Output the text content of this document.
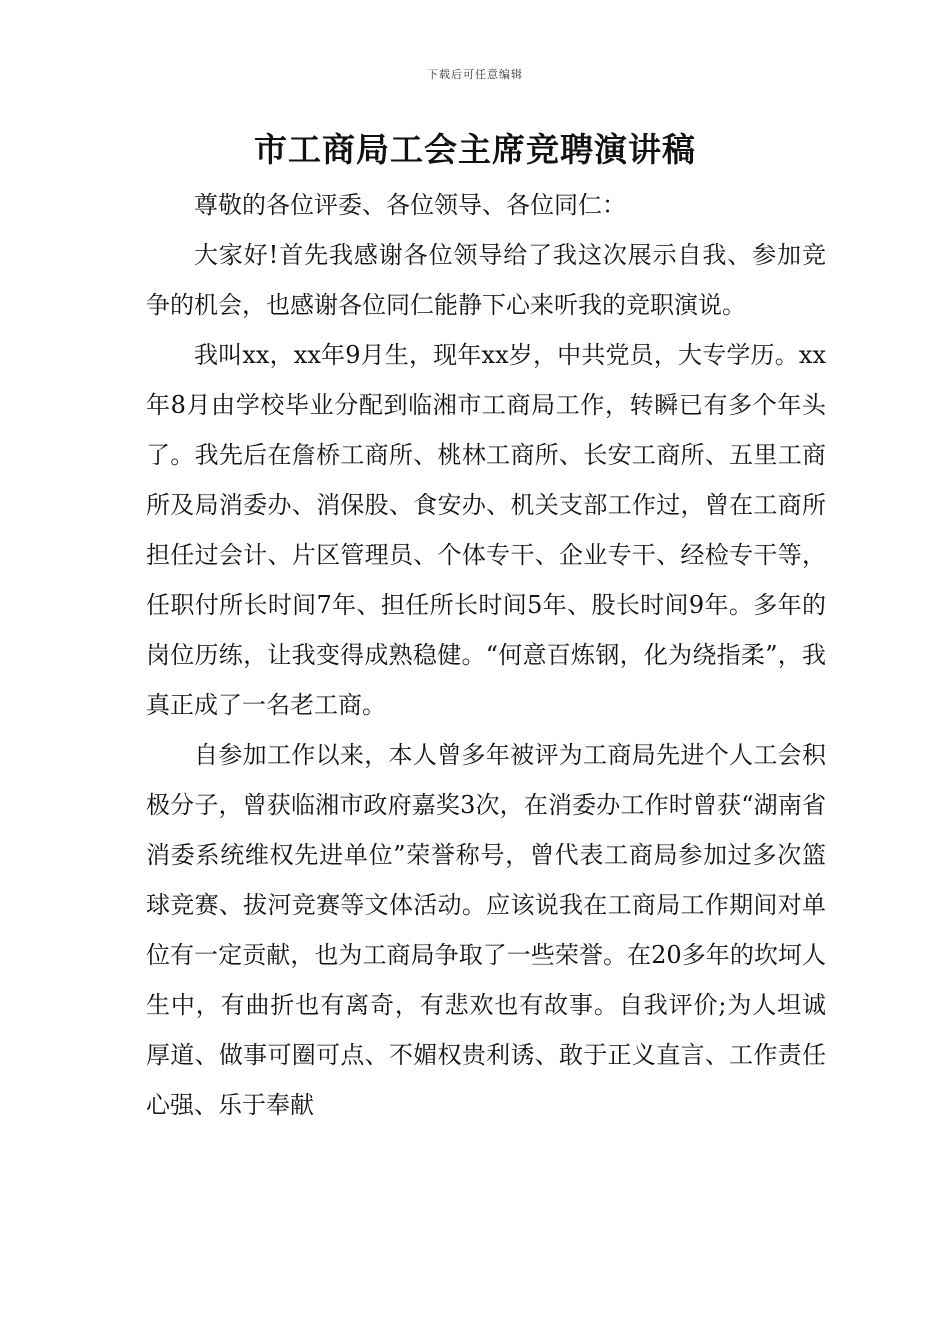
下载后可任意编辑
市工商局工会主席竞聘演讲稿

尊敬的各位评委、各位领导、各位同仁：

大家好!首先我感谢各位领导给了我这次展示自我、参加竞争的机会，也感谢各位同仁能静下心来听我的竞职演说。

我叫xx，xx年9月生，现年xx岁，中共党员，大专学历。xx年8月由学校毕业分配到临湘市工商局工作，转瞬已有多个年头了。我先后在詹桥工商所、桃林工商所、长安工商所、五里工商所及局消委办、消保股、食安办、机关支部工作过，曾在工商所担任过会计、片区管理员、个体专干、企业专干、经检专干等，任职付所长时间7年、担任所长时间5年、股长时间9年。多年的岗位历练，让我变得成熟稳健。“何意百炼钢，化为绕指柔”，我真正成了一名老工商。

自参加工作以来，本人曾多年被评为工商局先进个人工会积极分子，曾获临湘市政府嘉奖3次，在消委办工作时曾获“湖南省消委系统维权先进单位”荣誉称号，曾代表工商局参加过多次篮球竞赛、拔河竞赛等文体活动。应该说我在工商局工作期间对单位有一定贡献，也为工商局争取了一些荣誉。在20多年的坎坷人生中，有曲折也有离奇，有悲欢也有故事。自我评价;为人坦诚厚道、做事可圈可点、不媚权贵利诱、敢于正义直言、工作责任心强、乐于奉献
